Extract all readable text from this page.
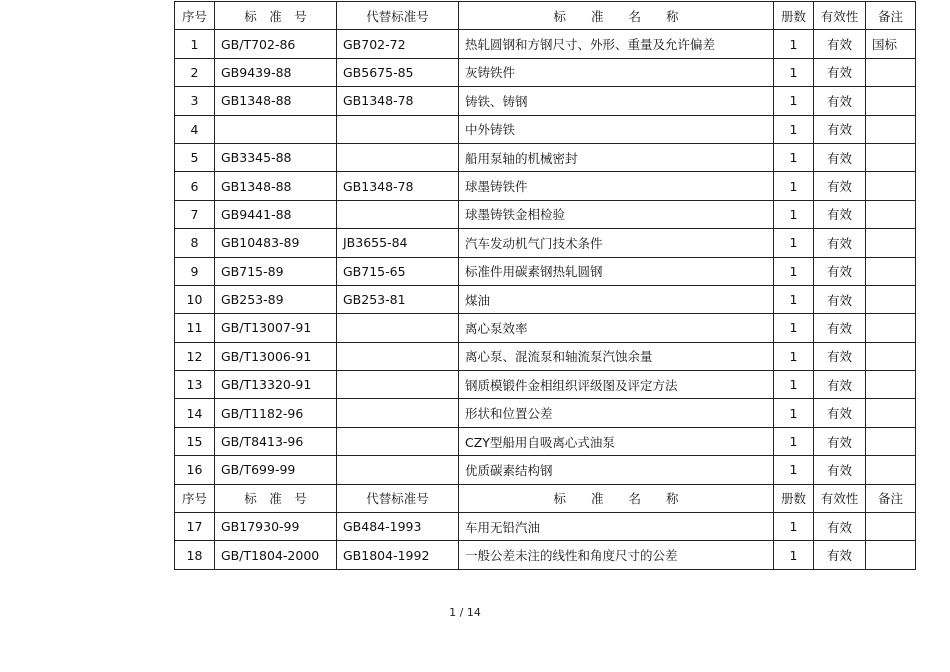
序号	标　准　号	代替标准号	标　　准　　名　　称	册数	有效性	备注
1	GB/T702-86	GB702-72	热轧圆钢和方钢尺寸、外形、重量及允许偏差	1	有效	国标
2	GB9439-88	GB5675-85	灰铸铁件	1	有效	
3	GB1348-88	GB1348-78	铸铁、铸钢	1	有效	
4			中外铸铁	1	有效	
5	GB3345-88		船用泵轴的机械密封	1	有效	
6	GB1348-88	GB1348-78	球墨铸铁件	1	有效	
7	GB9441-88		球墨铸铁金相检验	1	有效	
8	GB10483-89	JB3655-84	汽车发动机气门技术条件	1	有效	
9	GB715-89	GB715-65	标准件用碳素钢热轧圆钢	1	有效	
10	GB253-89	GB253-81	煤油	1	有效	
11	GB/T13007-91		离心泵效率	1	有效	
12	GB/T13006-91		离心泵、混流泵和轴流泵汽蚀余量	1	有效	
13	GB/T13320-91		钢质模锻件金相组织评级图及评定方法	1	有效	
14	GB/T1182-96		形状和位置公差	1	有效	
15	GB/T8413-96		CZY型船用自吸离心式油泵	1	有效	
16	GB/T699-99		优质碳素结构钢	1	有效	
序号	标　准　号	代替标准号	标　　准　　名　　称	册数	有效性	备注
17	GB17930-99	GB484-1993	车用无铅汽油	1	有效	
18	GB/T1804-2000	GB1804-1992	一般公差未注的线性和角度尺寸的公差	1	有效	
1 / 14
